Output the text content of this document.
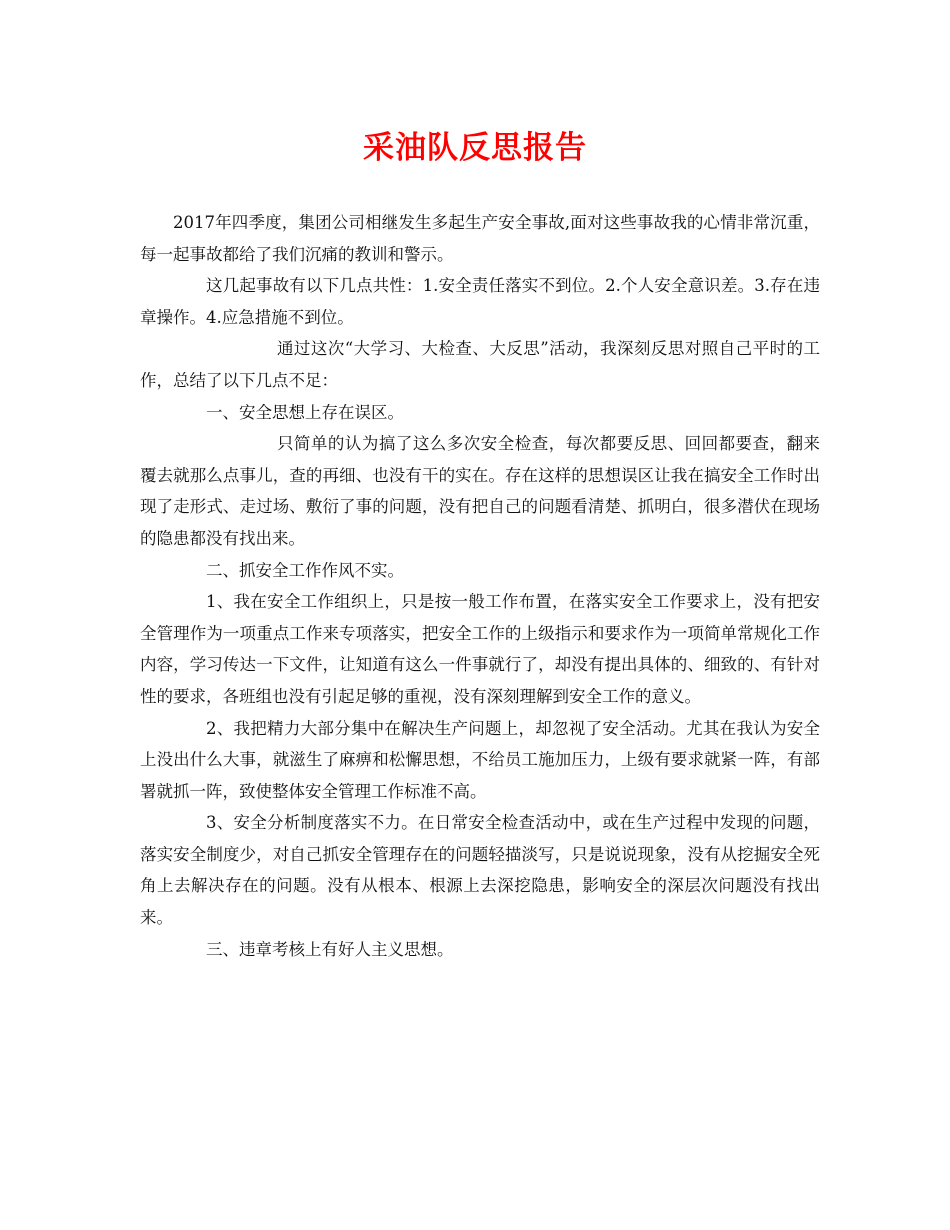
采油队反思报告

2017年四季度，集团公司相继发生多起生产安全事故,面对这些事故我的心情非常沉重，每一起事故都给了我们沉痛的教训和警示。

这几起事故有以下几点共性：1.安全责任落实不到位。2.个人安全意识差。3.存在违章操作。4.应急措施不到位。

通过这次“大学习、大检查、大反思”活动，我深刻反思对照自己平时的工作，总结了以下几点不足：

一、安全思想上存在误区。

只简单的认为搞了这么多次安全检查，每次都要反思、回回都要查，翻来覆去就那么点事儿，查的再细、也没有干的实在。存在这样的思想误区让我在搞安全工作时出现了走形式、走过场、敷衍了事的问题，没有把自己的问题看清楚、抓明白，很多潜伏在现场的隐患都没有找出来。

二、抓安全工作作风不实。

1、我在安全工作组织上，只是按一般工作布置，在落实安全工作要求上，没有把安全管理作为一项重点工作来专项落实，把安全工作的上级指示和要求作为一项简单常规化工作内容，学习传达一下文件，让知道有这么一件事就行了，却没有提出具体的、细致的、有针对性的要求，各班组也没有引起足够的重视，没有深刻理解到安全工作的意义。

2、我把精力大部分集中在解决生产问题上，却忽视了安全活动。尤其在我认为安全上没出什么大事，就滋生了麻痹和松懈思想，不给员工施加压力，上级有要求就紧一阵，有部署就抓一阵，致使整体安全管理工作标准不高。

3、安全分析制度落实不力。在日常安全检查活动中，或在生产过程中发现的问题，落实安全制度少，对自己抓安全管理存在的问题轻描淡写，只是说说现象，没有从挖掘安全死角上去解决存在的问题。没有从根本、根源上去深挖隐患，影响安全的深层次问题没有找出来。

三、违章考核上有好人主义思想。
